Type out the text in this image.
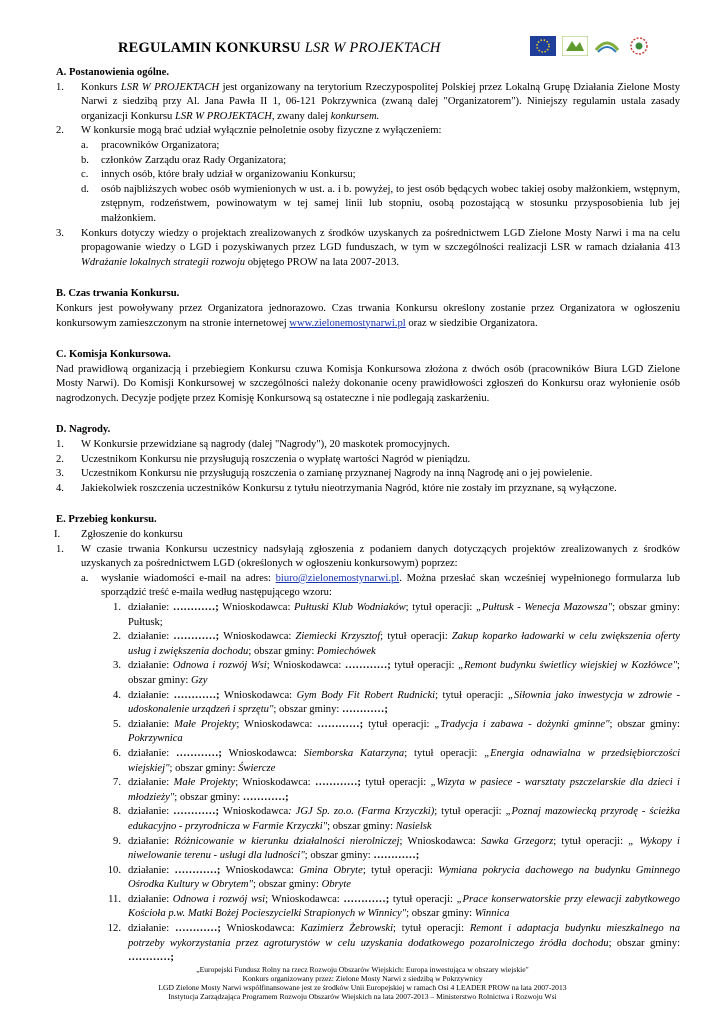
REGULAMIN KONKURSU LSR W PROJEKTACH
A. Postanowienia ogólne.
1.	Konkurs LSR W PROJEKTACH jest organizowany na terytorium Rzeczypospolitej Polskiej przez Lokalną Grupę Działania Zielone Mosty Narwi z siedzibą przy Al. Jana Pawła II 1, 06-121 Pokrzywnica (zwaną dalej "Organizatorem"). Niniejszy regulamin ustala zasady organizacji Konkursu LSR W PROJEKTACH, zwany dalej konkursem.
2.	W konkursie mogą brać udział wyłącznie pełnoletnie osoby fizyczne z wyłączeniem:
a.	pracowników Organizatora;
b.	członków Zarządu oraz Rady Organizatora;
c.	innych osób, które brały udział w organizowaniu Konkursu;
d.	osób najbliższych wobec osób wymienionych w ust. a. i b. powyżej, to jest osób będących wobec takiej osoby małżonkiem, wstępnym, zstępnym, rodzeństwem, powinowatym w tej samej linii lub stopniu, osobą pozostającą w stosunku przysposobienia lub jej małżonkiem.
3.	Konkurs dotyczy wiedzy o projektach zrealizowanych z środków uzyskanych za pośrednictwem LGD Zielone Mosty Narwi i ma na celu propagowanie wiedzy o LGD i pozyskiwanych przez LGD funduszach, w tym w szczególności realizacji LSR w ramach działania 413 Wdrażanie lokalnych strategii rozwoju objętego PROW na lata 2007-2013.
B. Czas trwania Konkursu.

Konkurs jest powoływany przez Organizatora jednorazowo. Czas trwania Konkursu określony zostanie przez Organizatora w ogłoszeniu konkursowym zamieszczonym na stronie internetowej www.zielonemostynarwi.pl oraz w siedzibie Organizatora.

C. Komisja Konkursowa.

Nad prawidłową organizacją i przebiegiem Konkursu czuwa Komisja Konkursowa złożona z dwóch osób (pracowników Biura LGD Zielone Mosty Narwi). Do Komisji Konkursowej w szczególności należy dokonanie oceny prawidłowości zgłoszeń do Konkursu oraz wyłonienie osób nagrodzonych. Decyzje podjęte przez Komisję Konkursową są ostateczne i nie podlegają zaskarżeniu.

D. Nagrody.
1.	W Konkursie przewidziane są nagrody (dalej "Nagrody"), 20 maskotek promocyjnych.
2.	Uczestnikom Konkursu nie przysługują roszczenia o wypłatę wartości Nagród w pieniądzu.
3.	Uczestnikom Konkursu nie przysługują roszczenia o zamianę przyznanej Nagrody na inną Nagrodę ani o jej powielenie.
4.	Jakiekolwiek roszczenia uczestników Konkursu z tytułu nieotrzymania Nagród, które nie zostały im przyznane, są wyłączone.
E. Przebieg konkursu.
I.	Zgłoszenie do konkursu
1.	W czasie trwania Konkursu uczestnicy nadsyłają zgłoszenia z podaniem danych dotyczących projektów zrealizowanych z środków uzyskanych za pośrednictwem LGD (określonych w ogłoszeniu konkursowym) poprzez:
a.	wysłanie wiadomości e-mail na adres: biuro@zielonemostynarwi.pl. Można przesłać skan wcześniej wypełnionego formularza lub sporządzić treść e-maila według następującego wzoru:
1. działanie: …………; Wnioskodawca: Pułtuski Klub Wodniaków; tytuł operacji: „Pułtusk - Wenecja Mazowsza"; obszar gminy: Pułtusk;
2. działanie: …………; Wnioskodawca: Ziemiecki Krzysztof; tytuł operacji: Zakup koparko ładowarki w celu zwiększenia oferty usług i zwiększenia dochodu; obszar gminy: Pomiechówek
3. działanie: Odnowa i rozwój Wsi; Wnioskodawca: …………; tytuł operacji: „Remont budynku świetlicy wiejskiej w Kozłówce"; obszar gminy: Gzy
4. działanie: …………; Wnioskodawca: Gym Body Fit Robert Rudnicki; tytuł operacji: „Siłownia jako inwestycja w zdrowie - udoskonalenie urządzeń i sprzętu"; obszar gminy: …………;
5. działanie: Małe Projekty; Wnioskodawca: …………; tytuł operacji: „Tradycja i zabawa - dożynki gminne"; obszar gminy: Pokrzywnica
6. działanie: …………; Wnioskodawca: Siemborska Katarzyna; tytuł operacji: „Energia odnawialna w przedsiębiorczości wiejskiej"; obszar gminy: Świercze
7. działanie: Małe Projekty; Wnioskodawca: …………; tytuł operacji: „Wizyta w pasiece - warsztaty pszczelarskie dla dzieci i młodzieży"; obszar gminy: …………;
8. działanie: …………; Wnioskodawca: JGJ Sp. zo.o. (Farma Krzyczki); tytuł operacji: „Poznaj mazowiecką przyrodę - ścieżka edukacyjno - przyrodnicza w Farmie Krzyczki"; obszar gminy: Nasielsk
9. działanie: Różnicowanie w kierunku działalności nierolniczej; Wnioskodawca: Sawka Grzegorz; tytuł operacji: „ Wykopy i niwelowanie terenu - usługi dla ludności"; obszar gminy: …………;
10. działanie: …………; Wnioskodawca: Gmina Obryte; tytuł operacji: Wymiana pokrycia dachowego na budynku Gminnego Ośrodka Kultury w Obrytem"; obszar gminy: Obryte
11. działanie: Odnowa i rozwój wsi; Wnioskodawca: …………; tytuł operacji: „Prace konserwatorskie przy elewacji zabytkowego Kościoła p.w. Matki Bożej Pocieszycielki Strapionych w Winnicy"; obszar gminy: Winnica
12. działanie: …………; Wnioskodawca: Kazimierz Żebrowski; tytuł operacji: Remont i adaptacja budynku mieszkalnego na potrzeby wykorzystania przez agroturystów w celu uzyskania dodatkowego pozarolniczego źródła dochodu; obszar gminy: …………;
„Europejski Fundusz Rolny na rzecz Rozwoju Obszarów Wiejskich: Europa inwestująca w obszary wiejskie"
Konkurs organizowany przez: Zielone Mosty Narwi z siedzibą w Pokrzywnicy
LGD Zielone Mosty Narwi współfinansowane jest ze środków Unii Europejskiej w ramach Osi 4 LEADER PROW na lata 2007-2013
Instytucja Zarządzająca Programem Rozwoju Obszarów Wiejskich na lata 2007-2013 – Ministerstwo Rolnictwa i Rozwoju Wsi
